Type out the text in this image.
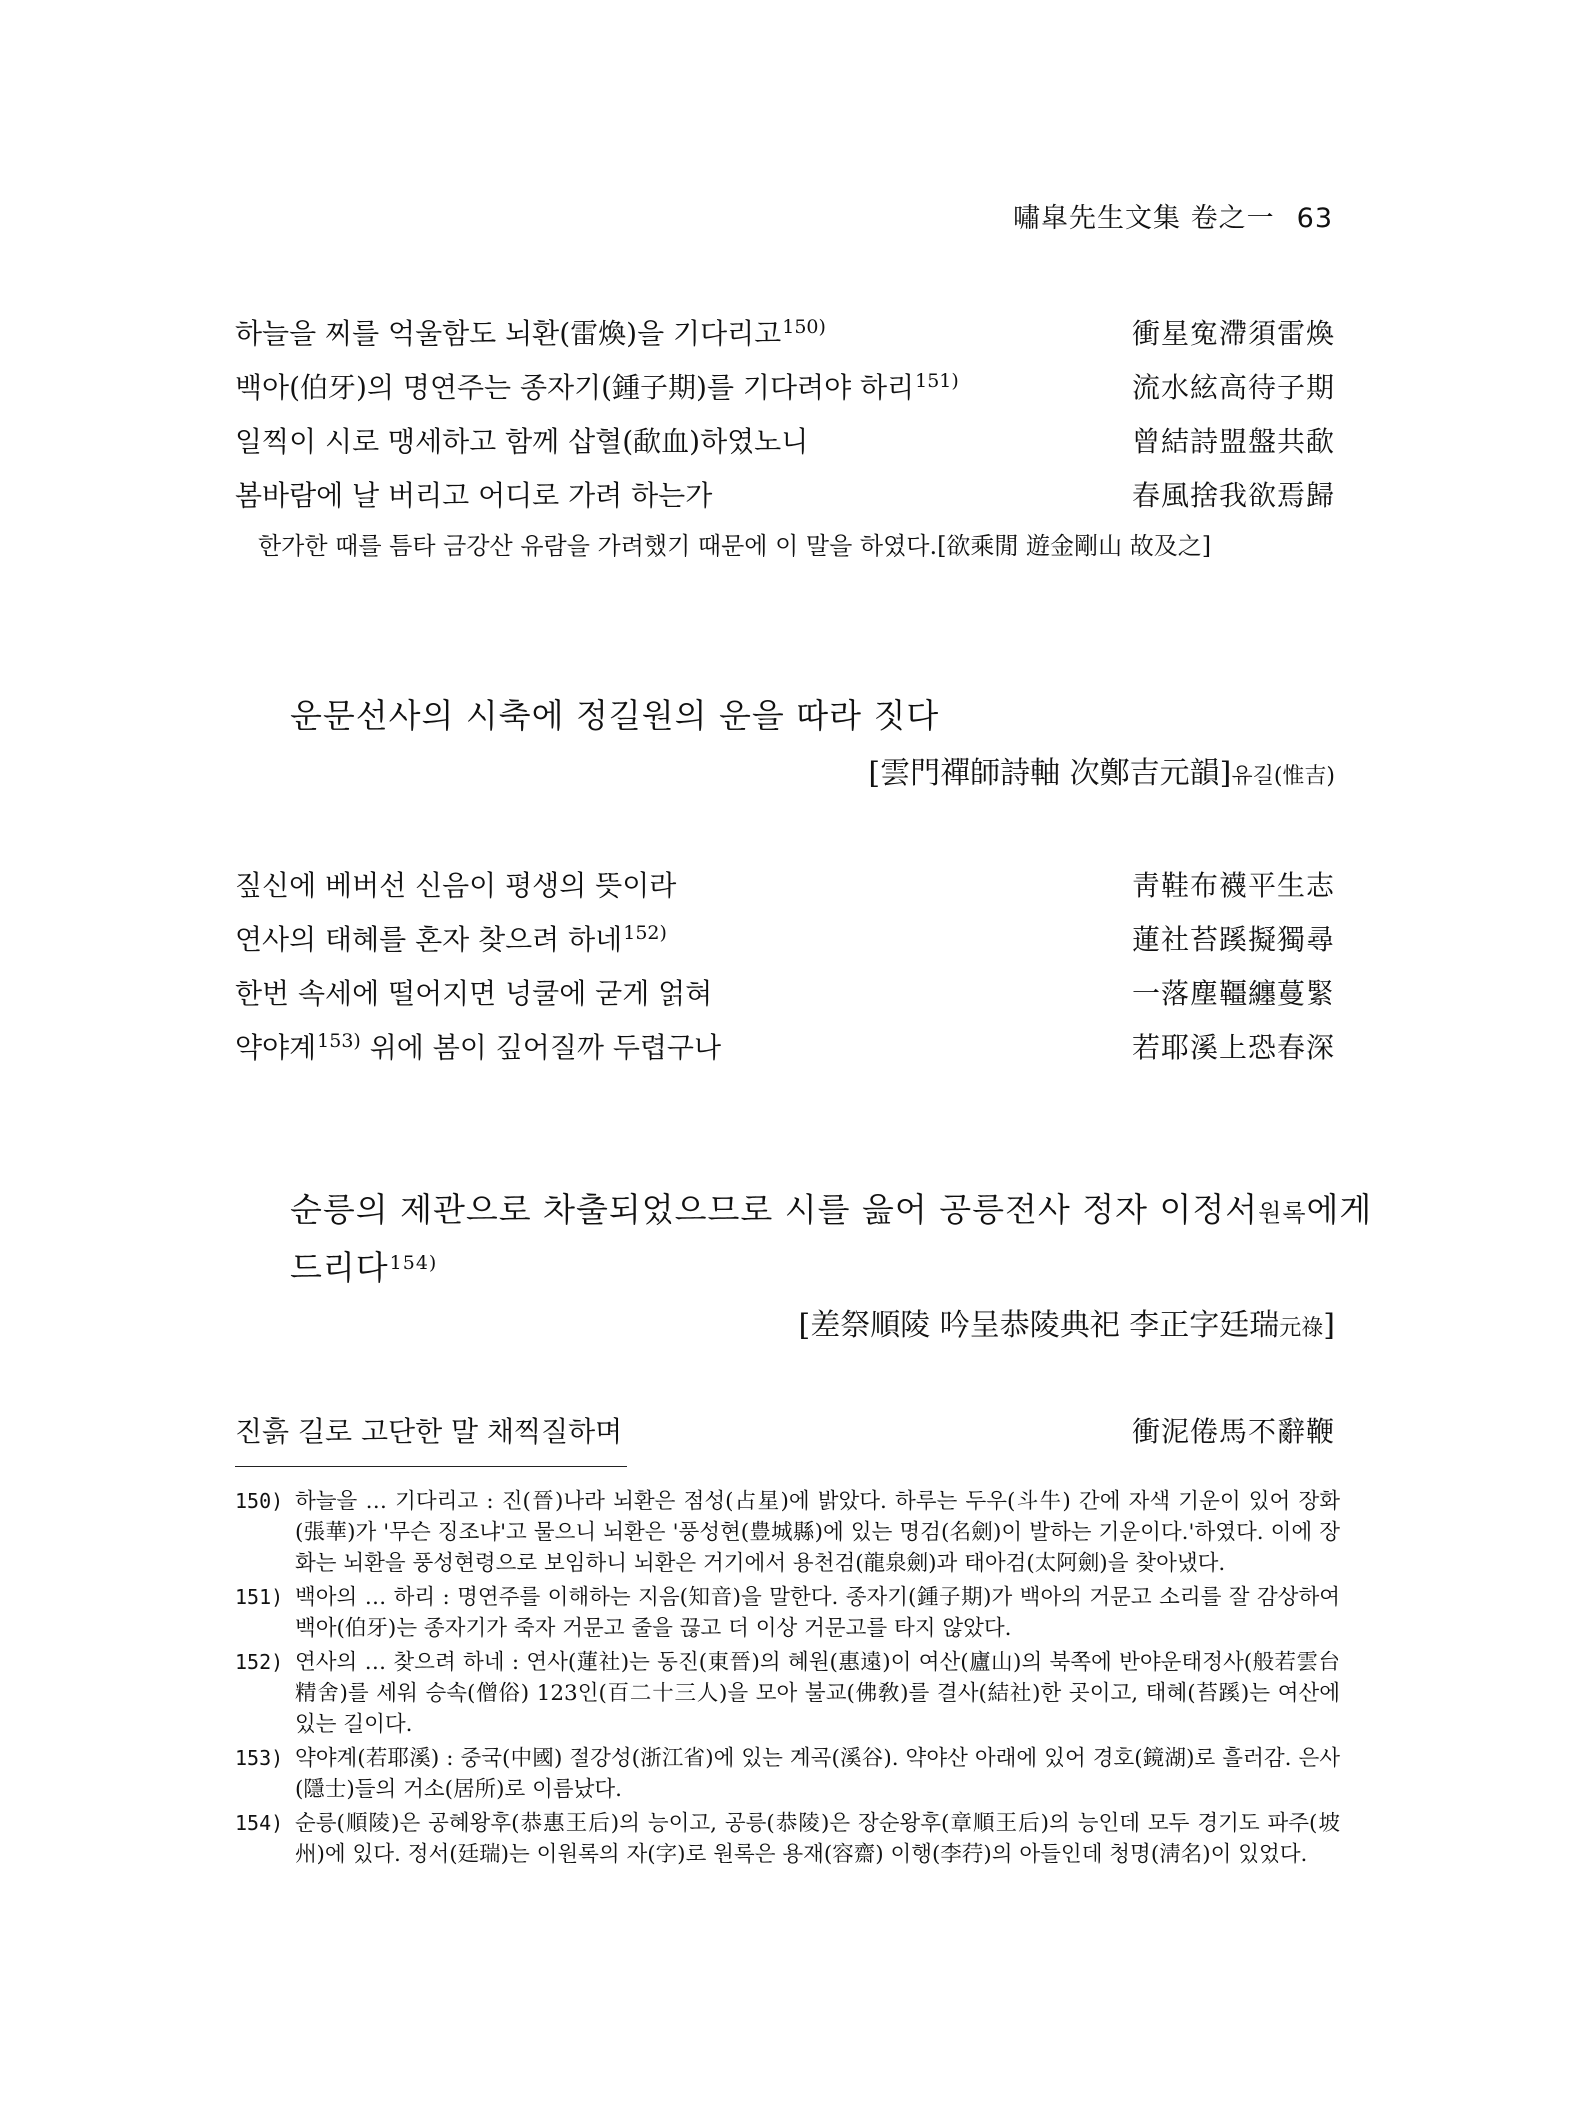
嘯皐先生文集 卷之一 63
하늘을 찌를 억울함도 뇌환(雷煥)을 기다리고$^{150)}$	衝星寃滯須雷煥
백아(伯牙)의 명연주는 종자기(鍾子期)를 기다려야 하리$^{151)}$	流水絃高待子期
일찍이 시로 맹세하고 함께 삽혈(歃血)하였노니	曾結詩盟盤共歃
봄바람에 날 버리고 어디로 가려 하는가	春風捨我欲焉歸
한가한 때를 틈타 금강산 유람을 가려했기 때문에 이 말을 하였다.[欲乘閒 遊金剛山 故及之]
운문선사의 시축에 정길원의 운을 따라 짓다
[雲門禪師詩軸 次鄭吉元韻]유길(惟吉)
짚신에 베버선 신음이 평생의 뜻이라	靑鞋布襪平生志
연사의 태혜를 혼자 찾으려 하네$^{152)}$	蓮社苔蹊擬獨尋
한번 속세에 떨어지면 넝쿨에 굳게 얽혀	一落塵韁纏蔓緊
약야계$^{153)}$ 위에 봄이 깊어질까 두렵구나	若耶溪上恐春深
순릉의 제관으로 차출되었으므로 시를 읊어 공릉전사 정자 이정서원록에게
드리다$^{154)}$
[差祭順陵 吟呈恭陵典祀 李正字廷瑞元祿]
진흙 길로 고단한 말 채찍질하며	衝泥倦馬不辭鞭
150) 하늘을 … 기다리고 : 진(晉)나라 뇌환은 점성(占星)에 밝았다. 하루는 두우(斗牛) 간에 자색 기운이 있어 장화(張華)가 '무슨 징조냐'고 물으니 뇌환은 '풍성현(豊城縣)에 있는 명검(名劍)이 발하는 기운이다.'하였다. 이에 장화는 뇌환을 풍성현령으로 보임하니 뇌환은 거기에서 용천검(龍泉劍)과 태아검(太阿劍)을 찾아냈다.
151) 백아의 … 하리 : 명연주를 이해하는 지음(知音)을 말한다. 종자기(鍾子期)가 백아의 거문고 소리를 잘 감상하여 백아(伯牙)는 종자기가 죽자 거문고 줄을 끊고 더 이상 거문고를 타지 않았다.
152) 연사의 … 찾으려 하네 : 연사(蓮社)는 동진(東晉)의 혜원(惠遠)이 여산(廬山)의 북쪽에 반야운태정사(般若雲台精舍)를 세워 승속(僧俗) 123인(百二十三人)을 모아 불교(佛敎)를 결사(結社)한 곳이고, 태혜(苔蹊)는 여산에 있는 길이다.
153) 약야계(若耶溪) : 중국(中國) 절강성(浙江省)에 있는 계곡(溪谷). 약야산 아래에 있어 경호(鏡湖)로 흘러감. 은사(隱士)들의 거소(居所)로 이름났다.
154) 순릉(順陵)은 공혜왕후(恭惠王后)의 능이고, 공릉(恭陵)은 장순왕후(章順王后)의 능인데 모두 경기도 파주(坡州)에 있다. 정서(廷瑞)는 이원록의 자(字)로 원록은 용재(容齋) 이행(李荇)의 아들인데 청명(淸名)이 있었다.
